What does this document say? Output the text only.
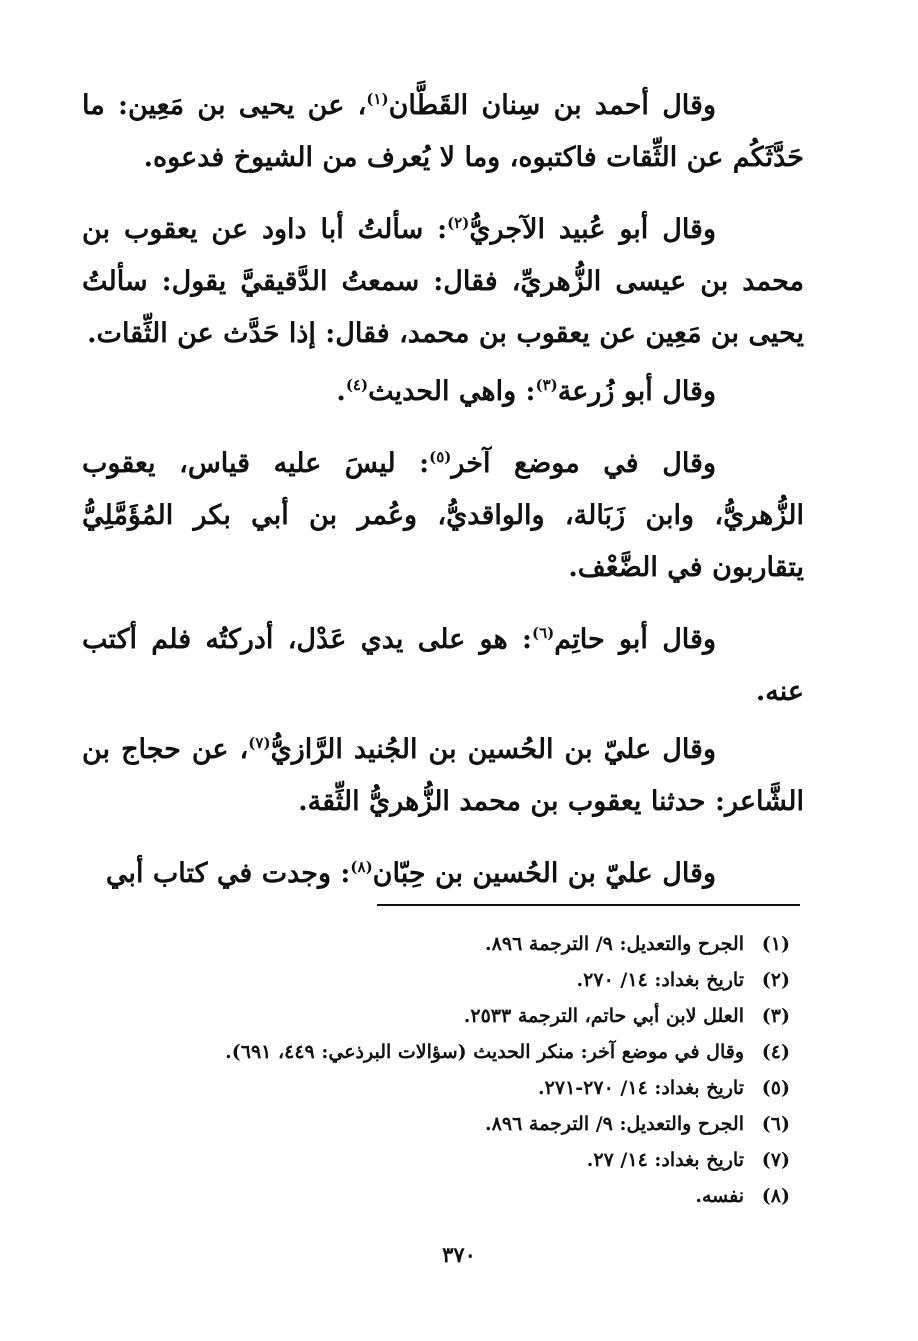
وقال أحمد بن سِنان القَطَّان$^{(١)}$، عن يحيى بن مَعِين: ما حَدَّثَكُم عن الثِّقات فاكتبوه، وما لا يُعرف من الشيوخ فدعوه.

وقال أبو عُبيد الآجريُّ$^{(٢)}$: سألتُ أبا داود عن يعقوب بن محمد بن عيسى الزُّهريِّ، فقال: سمعتُ الدَّقيقيَّ يقول: سألتُ يحيى بن مَعِين عن يعقوب بن محمد، فقال: إذا حَدَّث عن الثِّقات.

وقال أبو زُرعة$^{(٣)}$: واهي الحديث$^{(٤)}$.

وقال في موضع آخر$^{(٥)}$: ليسَ عليه قياس، يعقوب الزُّهريُّ، وابن زَبَالة، والواقديُّ، وعُمر بن أبي بكر المُؤَمَّلِيُّ يتقاربون في الضَّعْف.

وقال أبو حاتِم$^{(٦)}$: هو على يدي عَدْل، أدركتُه فلم أكتب عنه.

وقال عليّ بن الحُسين بن الجُنيد الرَّازيُّ$^{(٧)}$، عن حجاج بن الشَّاعر: حدثنا يعقوب بن محمد الزُّهريُّ الثِّقة.

وقال عليّ بن الحُسين بن حِبّان$^{(٨)}$: وجدت في كتاب أبي

(١)
الجرح والتعديل: ٩/ الترجمة ٨٩٦.
(٢)
تاريخ بغداد: ١٤/ ٢٧٠.
(٣)
العلل لابن أبي حاتم، الترجمة ٢٥٣٣.
(٤)
وقال في موضع آخر: منكر الحديث (سؤالات البرذعي: ٤٤٩، ٦٩١).
(٥)
تاريخ بغداد: ١٤/ ٢٧٠-٢٧١.
(٦)
الجرح والتعديل: ٩/ الترجمة ٨٩٦.
(٧)
تاريخ بغداد: ١٤/ ٢٧.
(٨)
نفسه.
٣٧٠
